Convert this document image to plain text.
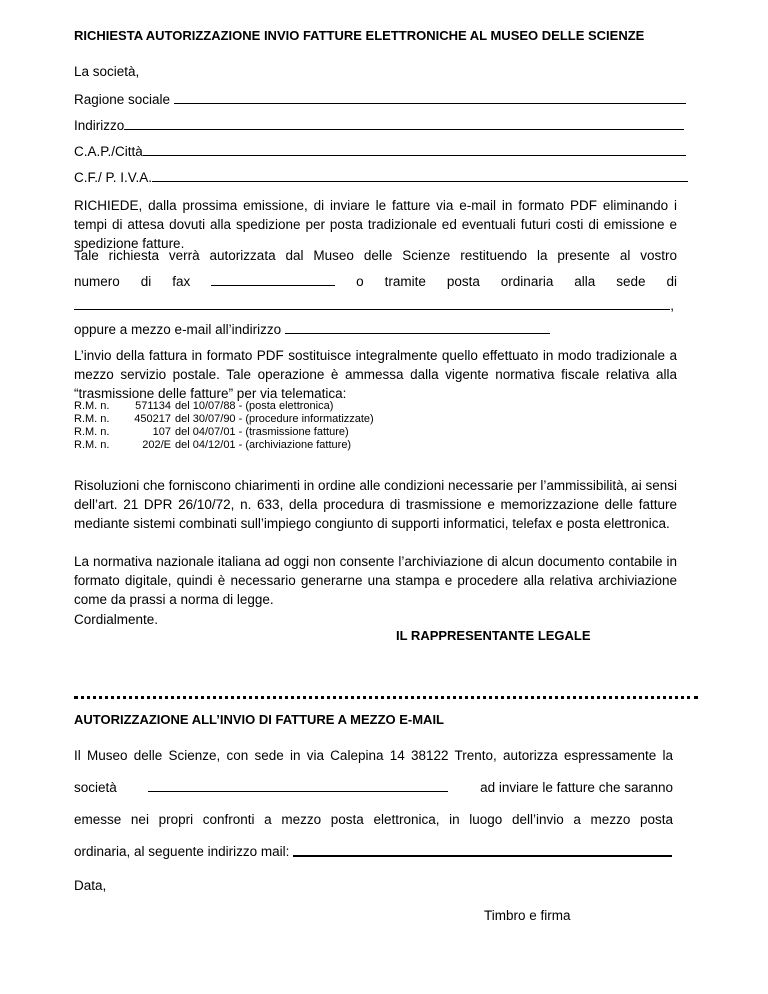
RICHIESTA AUTORIZZAZIONE INVIO FATTURE ELETTRONICHE AL MUSEO DELLE SCIENZE
La società,
Ragione sociale
Indirizzo
C.A.P./Città
C.F./ P. I.V.A.
RICHIEDE, dalla prossima emissione, di inviare le fatture via e-mail in formato PDF eliminando i tempi di attesa dovuti alla spedizione per posta tradizionale ed eventuali futuri costi di emissione e spedizione fatture.
Tale richiesta verrà autorizzata dal Museo delle Scienze restituendo la presente al vostro
numero di fax	o tramite posta ordinaria alla sede di
,
oppure a mezzo e-mail all’indirizzo
L’invio della fattura in formato PDF sostituisce integralmente quello effettuato in modo tradizionale a mezzo servizio postale. Tale operazione è ammessa dalla vigente normativa fiscale relativa alla “trasmissione delle fatture” per via telematica:
R.M. n.	571134 del 10/07/88 - (posta elettronica)
R.M. n.	450217 del 30/07/90 - (procedure informatizzate)
R.M. n.	107 del 04/07/01 - (trasmissione fatture)
R.M. n.	202/E del 04/12/01 - (archiviazione fatture)
Risoluzioni che forniscono chiarimenti in ordine alle condizioni necessarie per l’ammissibilità, ai sensi dell’art. 21 DPR 26/10/72, n. 633, della procedura di trasmissione e memorizzazione delle fatture mediante sistemi combinati sull’impiego congiunto di supporti informatici, telefax e posta elettronica.
La normativa nazionale italiana ad oggi non consente l’archiviazione di alcun documento contabile in formato digitale, quindi è necessario generarne una stampa e procedere alla relativa archiviazione come da prassi a norma di legge.
Cordialmente.
IL RAPPRESENTANTE LEGALE
AUTORIZZAZIONE ALL’INVIO DI FATTURE A MEZZO E-MAIL
Il Museo delle Scienze, con sede in via Calepina 14 38122 Trento, autorizza espressamente la
società	ad inviare le fatture che saranno
emesse nei propri confronti a mezzo posta elettronica, in luogo dell’invio a mezzo posta
ordinaria, al seguente indirizzo mail:
Data,
Timbro e firma
